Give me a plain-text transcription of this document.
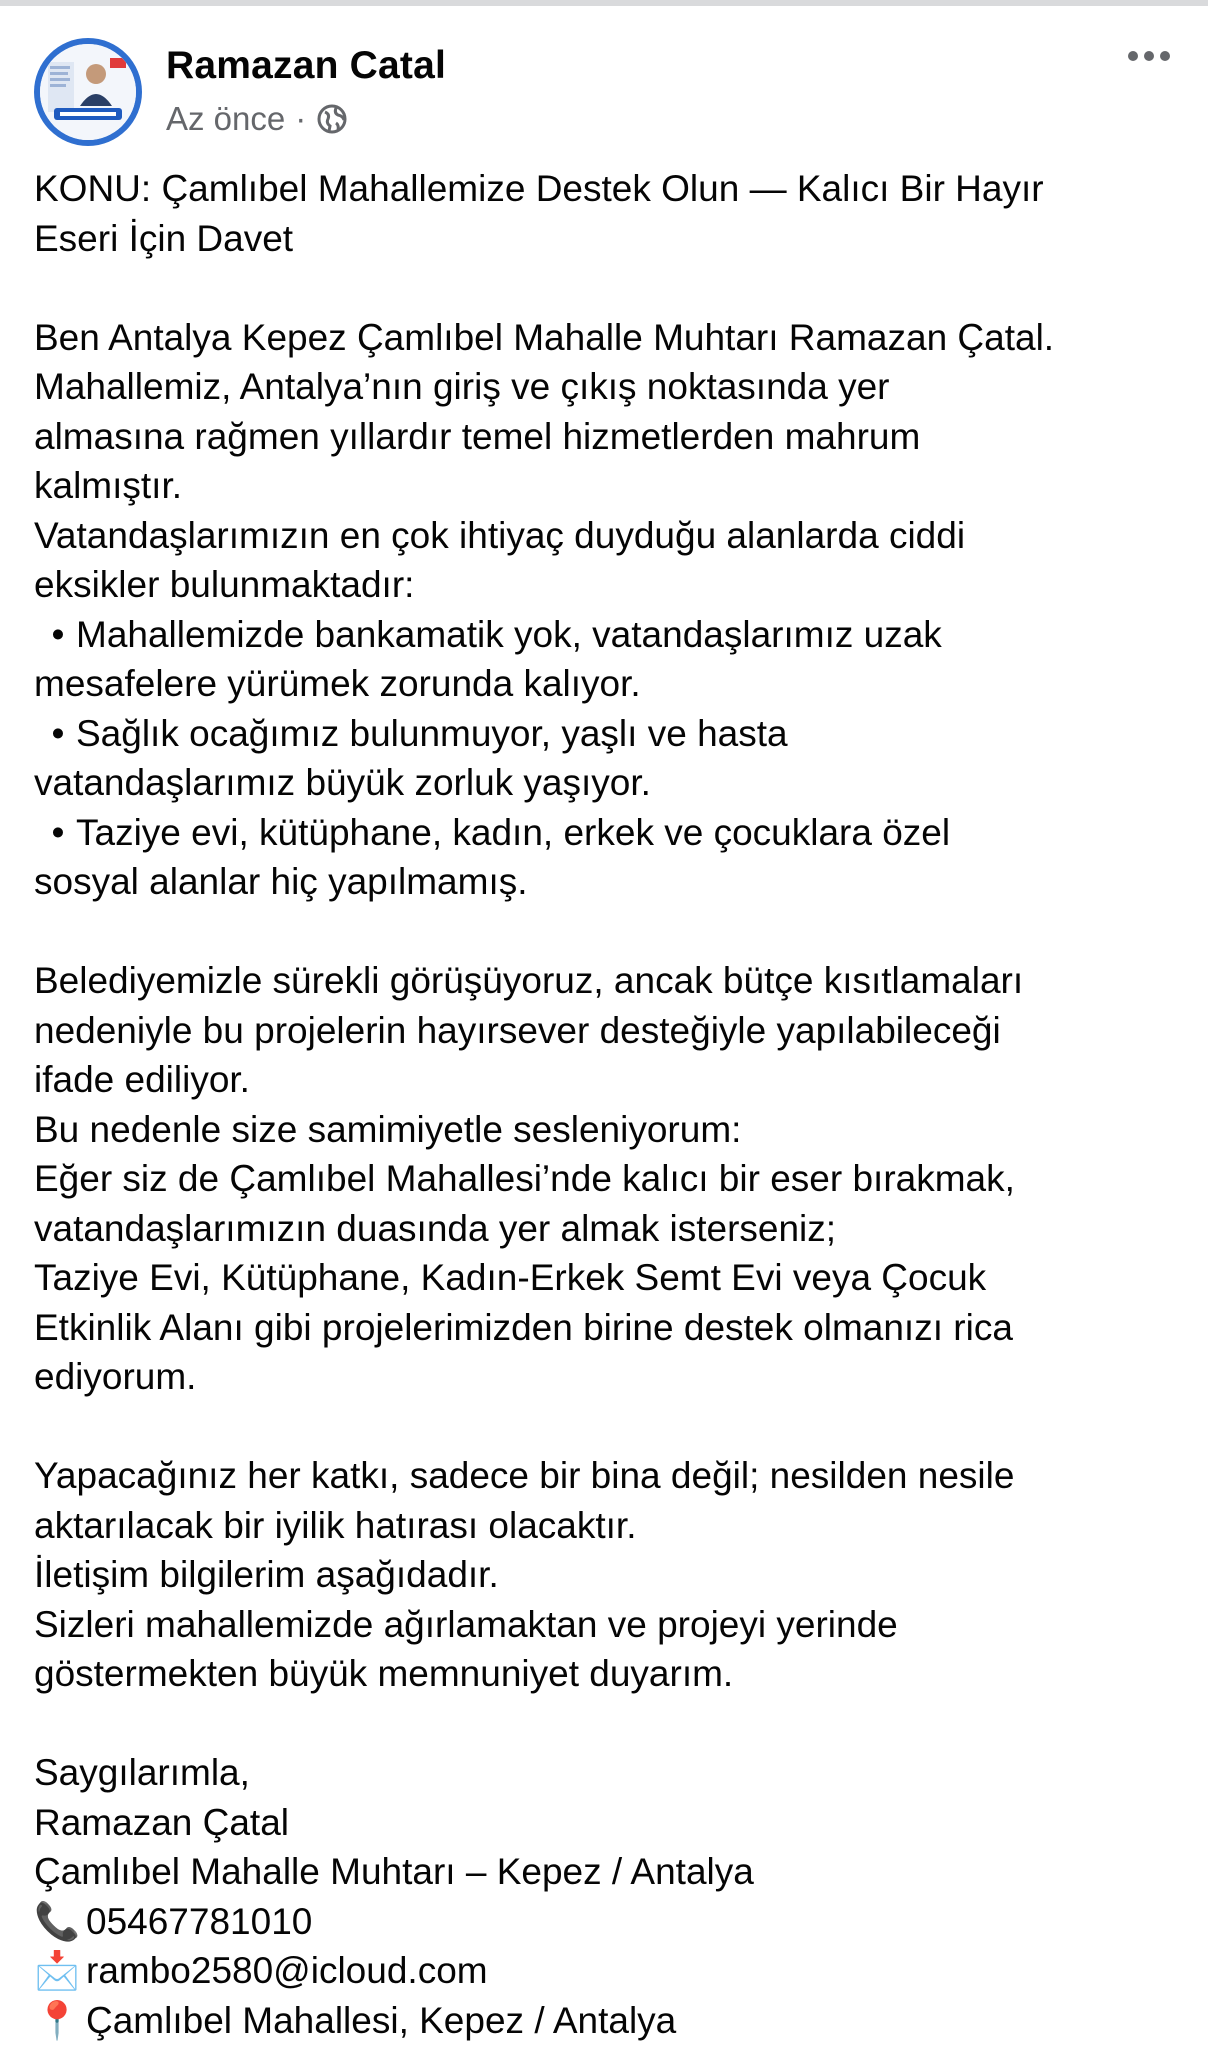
Ramazan Catal
Az önce ·

KONU: Çamlıbel Mahallemize Destek Olun — Kalıcı Bir Hayır

Eseri İçin Davet

Ben Antalya Kepez Çamlıbel Mahalle Muhtarı Ramazan Çatal.

Mahallemiz, Antalya’nın giriş ve çıkış noktasında yer

almasına rağmen yıllardır temel hizmetlerden mahrum

kalmıştır.

Vatandaşlarımızın en çok ihtiyaç duyduğu alanlarda ciddi

eksikler bulunmaktadır:

• Mahallemizde bankamatik yok, vatandaşlarımız uzak

mesafelere yürümek zorunda kalıyor.

• Sağlık ocağımız bulunmuyor, yaşlı ve hasta

vatandaşlarımız büyük zorluk yaşıyor.

• Taziye evi, kütüphane, kadın, erkek ve çocuklara özel

sosyal alanlar hiç yapılmamış.

Belediyemizle sürekli görüşüyoruz, ancak bütçe kısıtlamaları

nedeniyle bu projelerin hayırsever desteğiyle yapılabileceği

ifade ediliyor.

Bu nedenle size samimiyetle sesleniyorum:

Eğer siz de Çamlıbel Mahallesi’nde kalıcı bir eser bırakmak,

vatandaşlarımızın duasında yer almak isterseniz;

Taziye Evi, Kütüphane, Kadın-Erkek Semt Evi veya Çocuk

Etkinlik Alanı gibi projelerimizden birine destek olmanızı rica

ediyorum.

Yapacağınız her katkı, sadece bir bina değil; nesilden nesile

aktarılacak bir iyilik hatırası olacaktır.

İletişim bilgilerim aşağıdadır.

Sizleri mahallemizde ağırlamaktan ve projeyi yerinde

göstermekten büyük memnuniyet duyarım.

Saygılarımla,

Ramazan Çatal

Çamlıbel Mahalle Muhtarı – Kepez / Antalya

📞 05467781010

📩 rambo2580@icloud.com

📍 Çamlıbel Mahallesi, Kepez / Antalya
